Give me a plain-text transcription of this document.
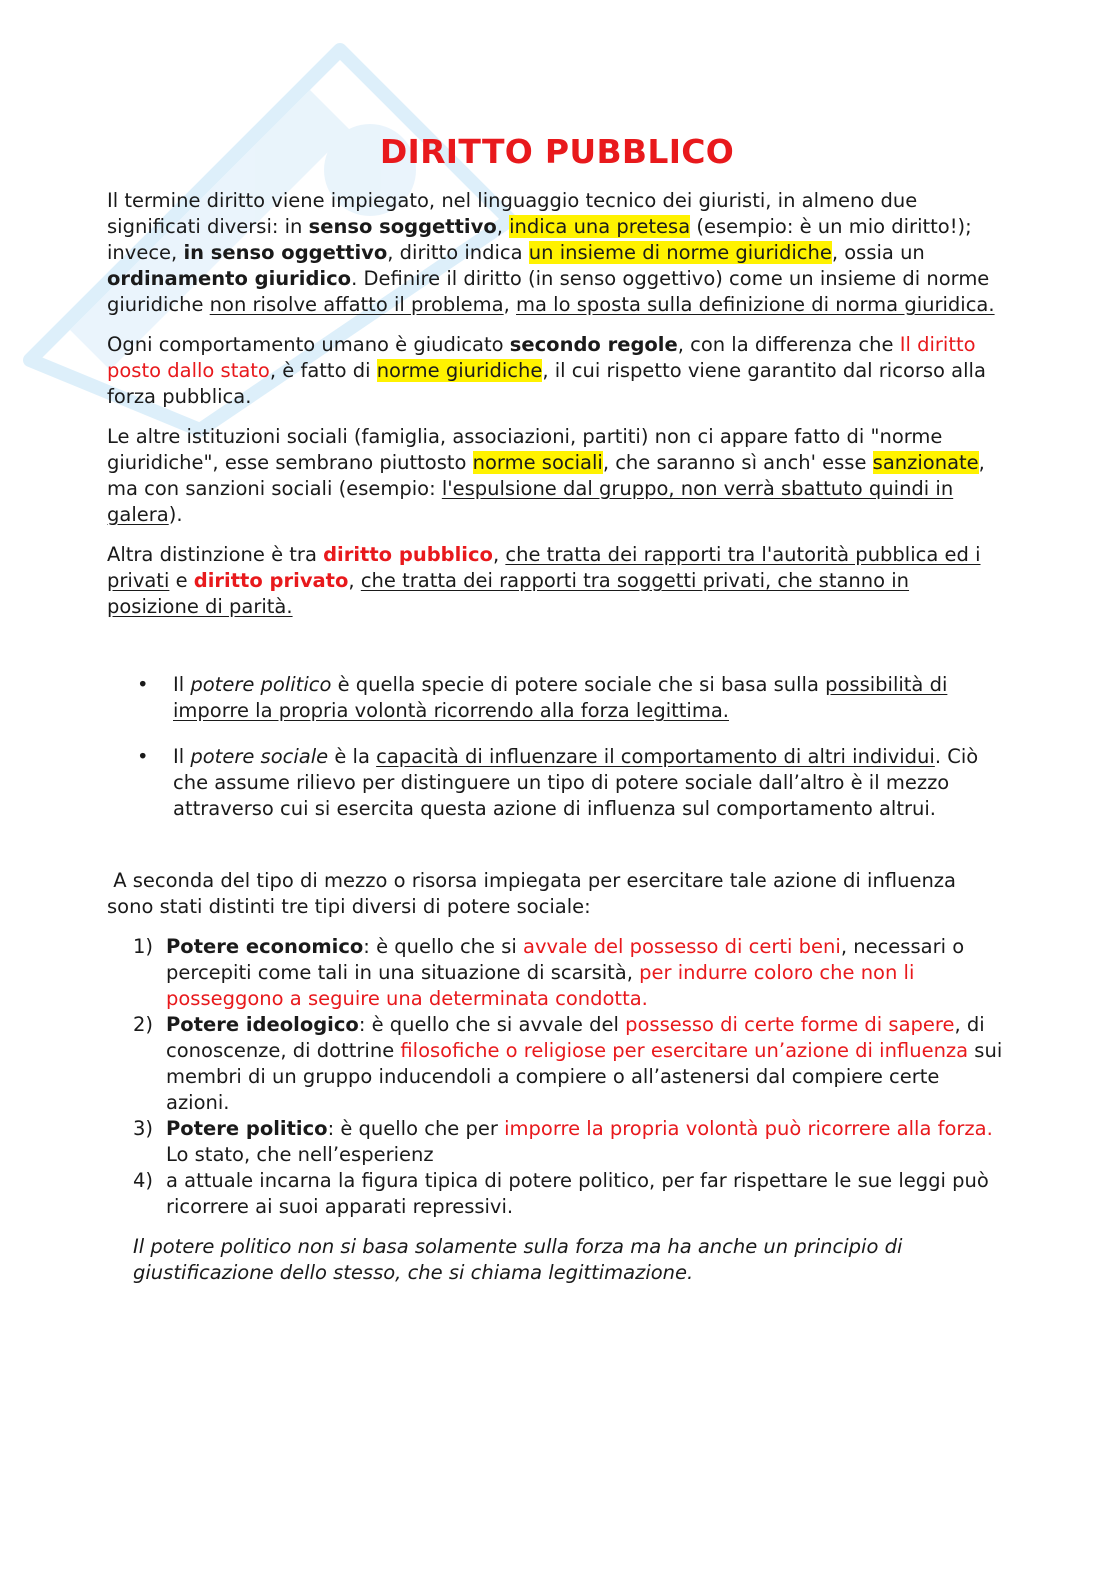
DIRITTO PUBBLICO

Il termine diritto viene impiegato, nel linguaggio tecnico dei giuristi, in almeno due significati diversi: in senso soggettivo, indica una pretesa (esempio: è un mio diritto!); invece, in senso oggettivo, diritto indica un insieme di norme giuridiche, ossia un ordinamento giuridico. Definire il diritto (in senso oggettivo) come un insieme di norme giuridiche non risolve affatto il problema, ma lo sposta sulla definizione di norma giuridica.

Ogni comportamento umano è giudicato secondo regole, con la differenza che Il diritto posto dallo stato, è fatto di norme giuridiche, il cui rispetto viene garantito dal ricorso alla forza pubblica.

Le altre istituzioni sociali (famiglia, associazioni, partiti) non ci appare fatto di "norme giuridiche", esse sembrano piuttosto norme sociali, che saranno sì anch' esse sanzionate, ma con sanzioni sociali (esempio: l'espulsione dal gruppo, non verrà sbattuto quindi in galera).

Altra distinzione è tra diritto pubblico, che tratta dei rapporti tra l'autorità pubblica ed i privati e diritto privato, che tratta dei rapporti tra soggetti privati, che stanno in posizione di parità.

• Il potere politico è quella specie di potere sociale che si basa sulla possibilità di imporre la propria volontà ricorrendo alla forza legittima.
• Il potere sociale è la capacità di influenzare il comportamento di altri individui. Ciò che assume rilievo per distinguere un tipo di potere sociale dall’altro è il mezzo attraverso cui si esercita questa azione di influenza sul comportamento altrui.

A seconda del tipo di mezzo o risorsa impiegata per esercitare tale azione di influenza sono stati distinti tre tipi diversi di potere sociale:

1) Potere economico: è quello che si avvale del possesso di certi beni, necessari o percepiti come tali in una situazione di scarsità, per indurre coloro che non li posseggono a seguire una determinata condotta.
2) Potere ideologico: è quello che si avvale del possesso di certe forme di sapere, di conoscenze, di dottrine filosofiche o religiose per esercitare un’azione di influenza sui membri di un gruppo inducendoli a compiere o all’astenersi dal compiere certe azioni.
3) Potere politico: è quello che per imporre la propria volontà può ricorrere alla forza. Lo stato, che nell’esperienz
4) a attuale incarna la figura tipica di potere politico, per far rispettare le sue leggi può ricorrere ai suoi apparati repressivi.

Il potere politico non si basa solamente sulla forza ma ha anche un principio di giustificazione dello stesso, che si chiama legittimazione.
